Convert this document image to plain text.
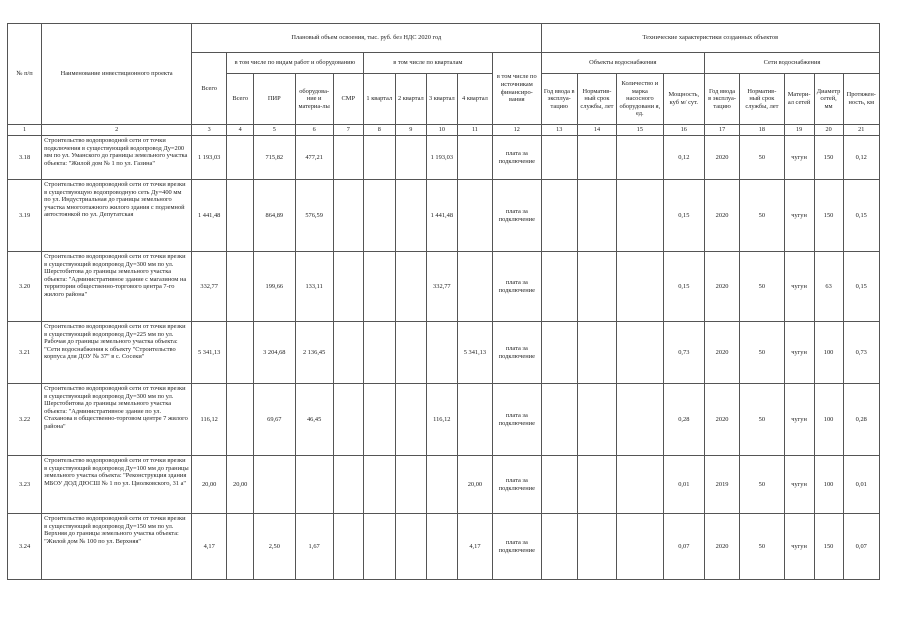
№ п/п	Наименование инвестиционного проекта	Плановый объем освоения, тыс. руб. без НДС 2020 год										Технические характеристики созданных объектов								
		Всего	в том числе по видам работ и оборудованию				в том числе по кварталам				в том числе по источникам финансиро-вания	Объекты водоснабжения				Сети водоснабжения				
			Всего	ПИР	оборудова-ние и материа-лы	СМР	1 квартал	2 квартал	3 квартал	4 квартал		Год ввода в эксплуа-тацию	Норматив-ный срок службы, лет	Количество и марка насосного оборудовани я, ед.	Мощность, куб м/ сут.	Год ввода в эксплуа-тацию	Норматив-ный срок службы, лет	Матери-ал сетей	Диаметр сетей, мм	Протяжен-ность, км
1	2	3	4	5	6	7	8	9	10	11	12	13	14	15	16	17	18	19	20	21
3.18	Строительство водопроводной сети от точки подключения в существующий водопровод Ду=200 мм по ул. Уманского до границы земельного участка объекта: "Жилой дом № 1 по ул. Газина"	1 193,03		715,82	477,21				1 193,03		плата за подключение				0,12	2020	50	чугун	150	0,12
3.19	Строительство водопроводной сети от точки врезки в существующую водопроводную сеть Ду=400 мм по ул. Индустриальная до границы земельного участка многоэтажного жилого здания с подземной автостоянкой по ул. Депутатская	1 441,48		864,89	576,59				1 441,48		плата за подключение				0,15	2020	50	чугун	150	0,15
3.20	Строительство водопроводной сети от точки врезки в существующий водопровод Ду=300 мм по ул. Шерстобитова до границы земельного участка объекта: "Административное здание с магазином на территории общественно-торгового центра 7-го жилого района"	332,77		199,66	133,11				332,77		плата за подключение				0,15	2020	50	чугун	63	0,15
3.21	Строительство водопроводной сети от точки врезки в существующий водопровод Ду=225 мм по ул. Рабочая до границы земельного участка объекта: "Сети водоснабжения к объекту "Строительство корпуса для ДОУ № 37" в с. Сосеки"	5 341,13		3 204,68	2 136,45					5 341,13	плата за подключение				0,73	2020	50	чугун	100	0,73
3.22	Строительство водопроводной сети от точки врезки в существующий водопровод Ду=300 мм по ул. Шерстобитова до границы земельного участка объекта: "Административное здание по ул. Стаханова в общественно-торговом центре 7 жилого района"	116,12		69,67	46,45				116,12		плата за подключение				0,28	2020	50	чугун	100	0,28
3.23	Строительство водопроводной сети от точки врезки в существующий водопровод Ду=100 мм до границы земельного участка объекта: "Реконструкция здания МБОУ ДОД ДЮСШ № 1 по ул. Циолковского, 31 а"	20,00	20,00							20,00	плата за подключение				0,01	2019	50	чугун	100	0,01
3.24	Строительство водопроводной сети от точки врезки в существующий водопровод Ду=150 мм по ул. Верхняя до границы земельного участка объекта: "Жилой дом № 100 по ул. Верхняя"	4,17		2,50	1,67					4,17	плата за подключение				0,07	2020	50	чугун	150	0,07
